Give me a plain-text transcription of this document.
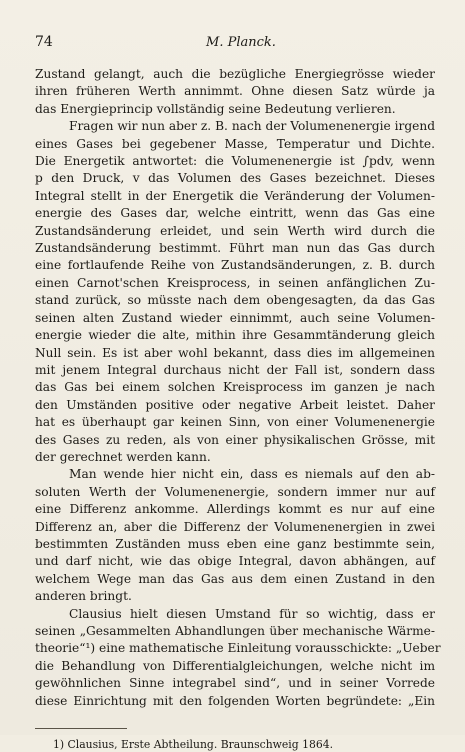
74	M. Planck.
Zustand gelangt, auch die bezügliche Energiegrösse wieder
ihren früheren Werth annimmt. Ohne diesen Satz würde ja
das Energieprincip vollständig seine Bedeutung verlieren.
Fragen wir nun aber z. B. nach der Volumenenergie irgend
eines Gases bei gegebener Masse, Temperatur und Dichte.
Die Energetik antwortet: die Volumenenergie ist ∫pdv, wenn
p den Druck, v das Volumen des Gases bezeichnet. Dieses
Integral stellt in der Energetik die Veränderung der Volumen-
energie des Gases dar, welche eintritt, wenn das Gas eine
Zustandsänderung erleidet, und sein Werth wird durch die
Zustandsänderung bestimmt. Führt man nun das Gas durch
eine fortlaufende Reihe von Zustandsänderungen, z. B. durch
einen Carnot'schen Kreisprocess, in seinen anfänglichen Zu-
stand zurück, so müsste nach dem obengesagten, da das Gas
seinen alten Zustand wieder einnimmt, auch seine Volumen-
energie wieder die alte, mithin ihre Gesammtänderung gleich
Null sein. Es ist aber wohl bekannt, dass dies im allgemeinen
mit jenem Integral durchaus nicht der Fall ist, sondern dass
das Gas bei einem solchen Kreisprocess im ganzen je nach
den Umständen positive oder negative Arbeit leistet. Daher
hat es überhaupt gar keinen Sinn, von einer Volumenenergie
des Gases zu reden, als von einer physikalischen Grösse, mit
der gerechnet werden kann.
Man wende hier nicht ein, dass es niemals auf den ab-
soluten Werth der Volumenenergie, sondern immer nur auf
eine Differenz ankomme. Allerdings kommt es nur auf eine
Differenz an, aber die Differenz der Volumenenergien in zwei
bestimmten Zuständen muss eben eine ganz bestimmte sein,
und darf nicht, wie das obige Integral, davon abhängen, auf
welchem Wege man das Gas aus dem einen Zustand in den
anderen bringt.
Clausius hielt diesen Umstand für so wichtig, dass er
seinen „Gesammelten Abhandlungen über mechanische Wärme-
theorie“¹) eine mathematische Einleitung vorausschickte: „Ueber
die Behandlung von Differentialgleichungen, welche nicht im
gewöhnlichen Sinne integrabel sind“, und in seiner Vorrede
diese Einrichtung mit den folgenden Worten begründete: „Ein
1) Clausius, Erste Abtheilung. Braunschweig 1864.
